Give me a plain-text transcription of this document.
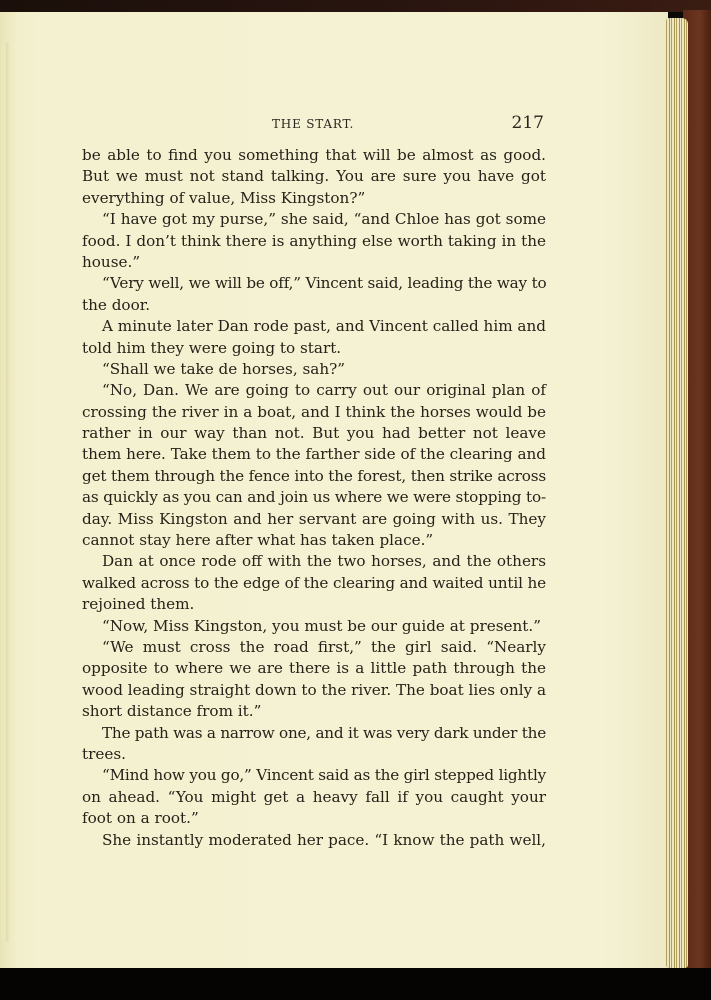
THE START.	217
be able to find you something that will be almost as good.
But we must not stand talking. You are sure you have got
everything of value, Miss Kingston?”
“I have got my purse,” she said, “and Chloe has got some
food. I don’t think there is anything else worth taking in the
house.”
“Very well, we will be off,” Vincent said, leading the way to
the door.
A minute later Dan rode past, and Vincent called him and
told him they were going to start.
“Shall we take de horses, sah?”
“No, Dan. We are going to carry out our original plan of
crossing the river in a boat, and I think the horses would be
rather in our way than not. But you had better not leave
them here. Take them to the farther side of the clearing and
get them through the fence into the forest, then strike across
as quickly as you can and join us where we were stopping to-
day. Miss Kingston and her servant are going with us. They
cannot stay here after what has taken place.”
Dan at once rode off with the two horses, and the others
walked across to the edge of the clearing and waited until he
rejoined them.
“Now, Miss Kingston, you must be our guide at present.”
“We must cross the road first,” the girl said. “Nearly
opposite to where we are there is a little path through the
wood leading straight down to the river. The boat lies only a
short distance from it.”
The path was a narrow one, and it was very dark under the
trees.
“Mind how you go,” Vincent said as the girl stepped lightly
on ahead. “You might get a heavy fall if you caught your
foot on a root.”
She instantly moderated her pace. “I know the path well,
